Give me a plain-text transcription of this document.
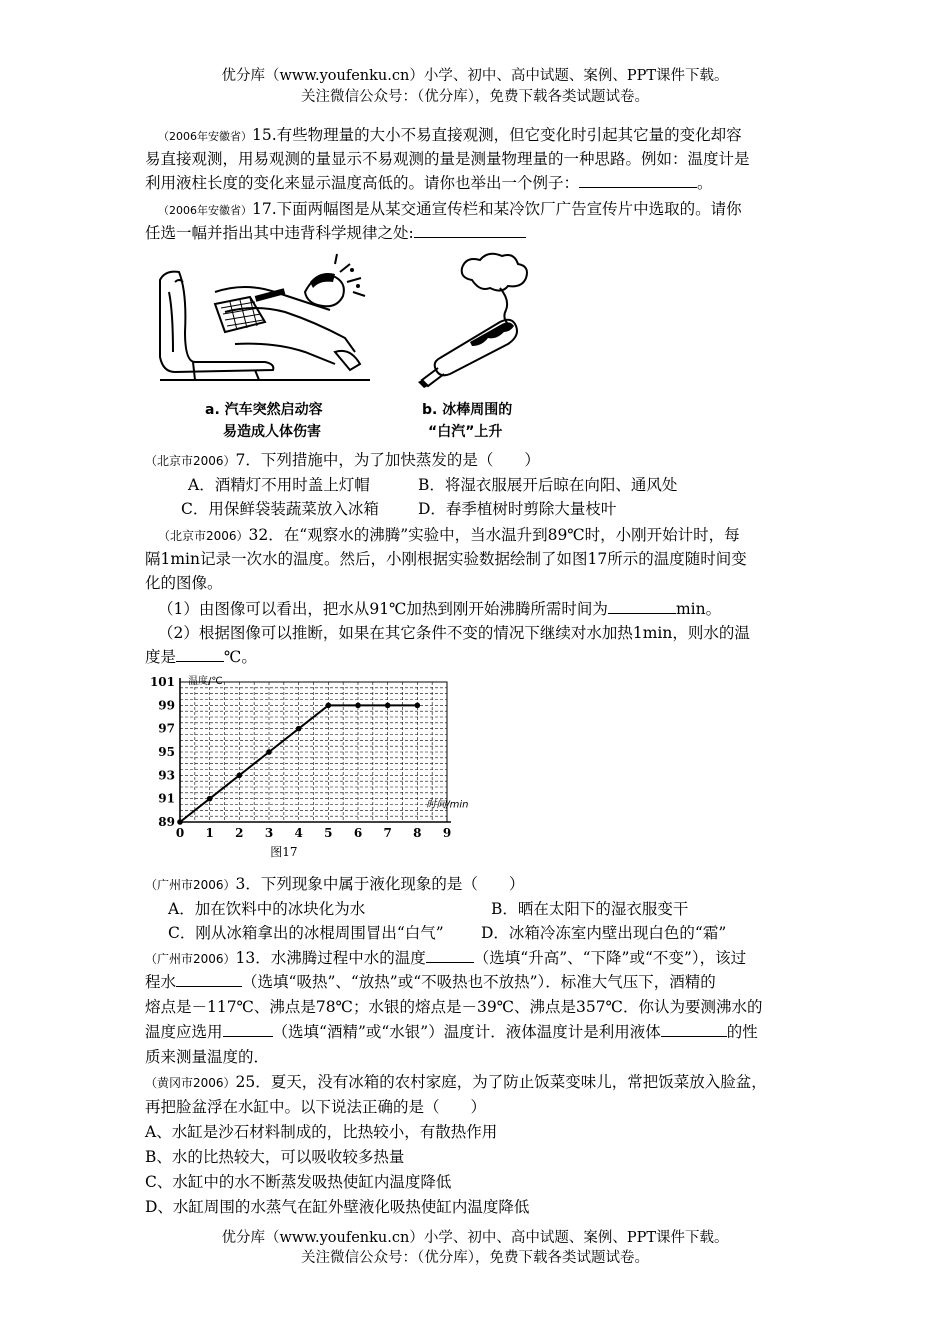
优分库（www.youfenku.cn）小学、初中、高中试题、案例、PPT课件下载。
关注微信公众号：（优分库），免费下载各类试题试卷。
（2006年安徽省）15.有些物理量的大小不易直接观测，但它变化时引起其它量的变化却容
易直接观测，用易观测的量显示不易观测的量是测量物理量的一种思路。例如：温度计是
利用液柱长度的变化来显示温度高低的。请你也举出一个例子：	。
（2006年安徽省）17.下面两幅图是从某交通宣传栏和某冷饮厂广告宣传片中选取的。请你
任选一幅并指出其中违背科学规律之处:
a. 汽车突然启动容
易造成人体伤害
b. 冰棒周围的
“白汽”上升
（北京市2006）7．下列措施中，为了加快蒸发的是（　　）
A．酒精灯不用时盖上灯帽	B．将湿衣服展开后晾在向阳、通风处
C．用保鲜袋装蔬菜放入冰箱	D．春季植树时剪除大量枝叶
（北京市2006）32．在“观察水的沸腾”实验中，当水温升到89℃时，小刚开始计时，每
隔1min记录一次水的温度。然后，小刚根据实验数据绘制了如图17所示的温度随时间变
化的图像。
（1）由图像可以看出，把水从91℃加热到刚开始沸腾所需时间为	min。
（2）根据图像可以推断，如果在其它条件不变的情况下继续对水加热1min，则水的温
度是	℃。
89
91
93
95
97
99
101
0 1 2 3 4 5 6 7 8 9
温度/℃
时间/min
图17
（广州市2006）3．下列现象中属于液化现象的是（　　）
A．加在饮料中的冰块化为水	B．晒在太阳下的湿衣服变干
C．刚从冰箱拿出的冰棍周围冒出“白气” D．冰箱冷冻室内壁出现白色的“霜”
（广州市2006）13．水沸腾过程中水的温度	（选填“升高”、“下降”或“不变”），该过
程水	（选填“吸热”、“放热”或“不吸热也不放热”）．标准大气压下，酒精的
熔点是－117℃、沸点是78℃；水银的熔点是－39℃、沸点是357℃．你认为要测沸水的
温度应选用	（选填“酒精”或“水银”）温度计．液体温度计是利用液体	的性
质来测量温度的．
（黄冈市2006）25．夏天，没有冰箱的农村家庭，为了防止饭菜变味儿，常把饭菜放入脸盆，
再把脸盆浮在水缸中。以下说法正确的是（　　）
A、水缸是沙石材料制成的，比热较小，有散热作用
B、水的比热较大，可以吸收较多热量
C、水缸中的水不断蒸发吸热使缸内温度降低
D、水缸周围的水蒸气在缸外壁液化吸热使缸内温度降低
优分库（www.youfenku.cn）小学、初中、高中试题、案例、PPT课件下载。
关注微信公众号：（优分库），免费下载各类试题试卷。
